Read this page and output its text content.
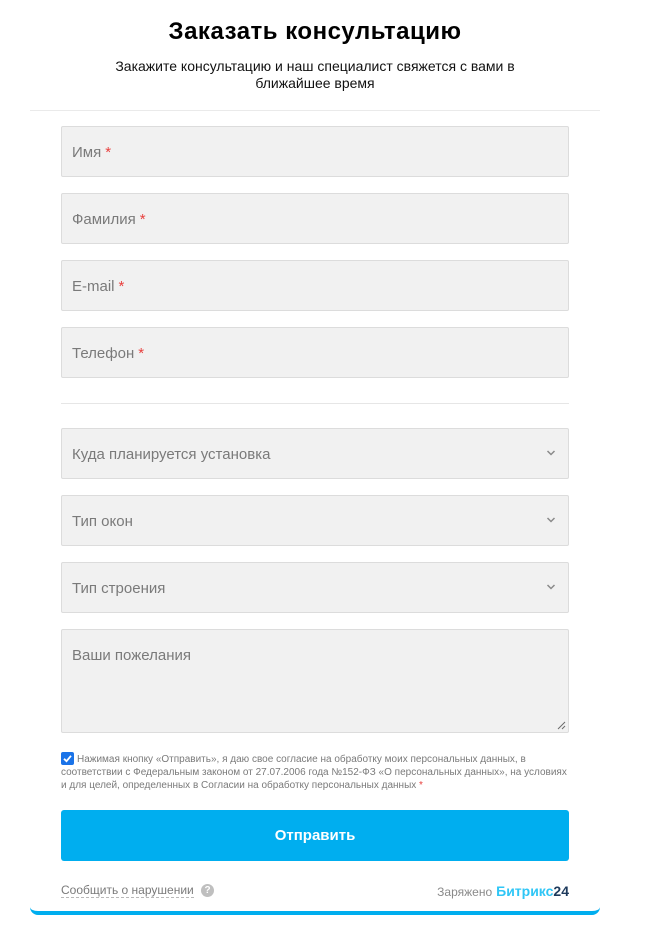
Заказать консультацию
Закажите консультацию и наш специалист свяжется с вами в ближайшее время
Имя *
Фамилия *
E-mail *
Телефон *
Куда планируется установка
Тип окон
Тип строения
Ваши пожелания

Нажимая кнопку «Отправить», я даю свое согласие на обработку моих персональных данных, в соответствии с Федеральным законом от 27.07.2006 года №152-ФЗ «О персональных данных», на условиях и для целей, определенных в Согласии на обработку персональных данных *

Отправить
Сообщить о нарушении	?	Заряжено Битрикс24
